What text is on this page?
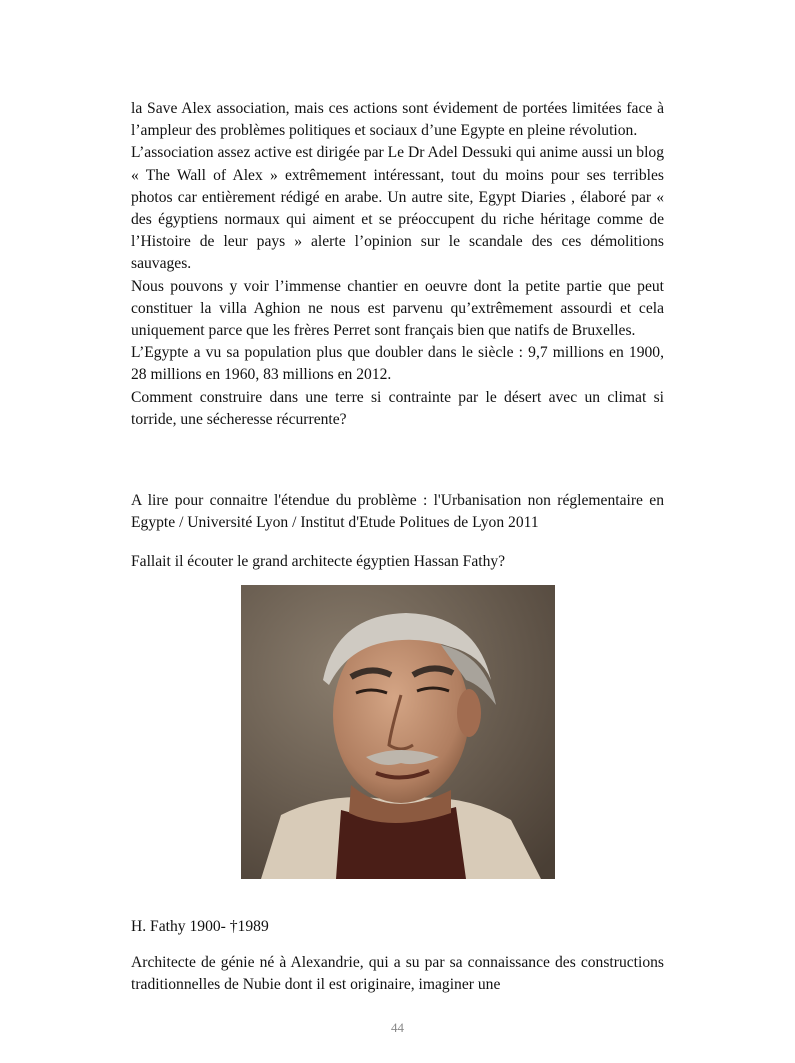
la Save Alex association, mais ces actions sont évidement de portées limitées face à l’ampleur des problèmes politiques et sociaux d’une Egypte en pleine révolution.

L’association assez active est dirigée par Le Dr Adel Dessuki qui anime aussi un blog « The Wall of Alex » extrêmement intéressant, tout du moins pour ses terribles photos car entièrement rédigé en arabe. Un autre site, Egypt Diaries , élaboré par « des égyptiens normaux qui aiment et se préoccupent du riche héritage comme de l’Histoire de leur pays » alerte l’opinion sur le scandale des ces démolitions sauvages.

Nous pouvons y voir l’immense chantier en oeuvre dont la petite partie que peut constituer la villa Aghion ne nous est parvenu qu’extrêmement assourdi et cela uniquement parce que les frères Perret sont français bien que natifs de Bruxelles.

L’Egypte a vu sa population plus que doubler dans le siècle : 9,7 millions en 1900, 28 millions en 1960, 83 millions en 2012.

Comment construire dans une terre si contrainte par le désert avec un climat si torride, une sécheresse récurrente?

A lire pour connaitre l'étendue du problème : l'Urbanisation non réglementaire en Egypte / Université Lyon / Institut d'Etude Politues de Lyon 2011

Fallait il écouter le grand architecte égyptien Hassan Fathy?

H. Fathy 1900- †1989

Architecte de génie né à Alexandrie, qui a su par sa connaissance des constructions traditionnelles de Nubie dont il est originaire, imaginer une

44
